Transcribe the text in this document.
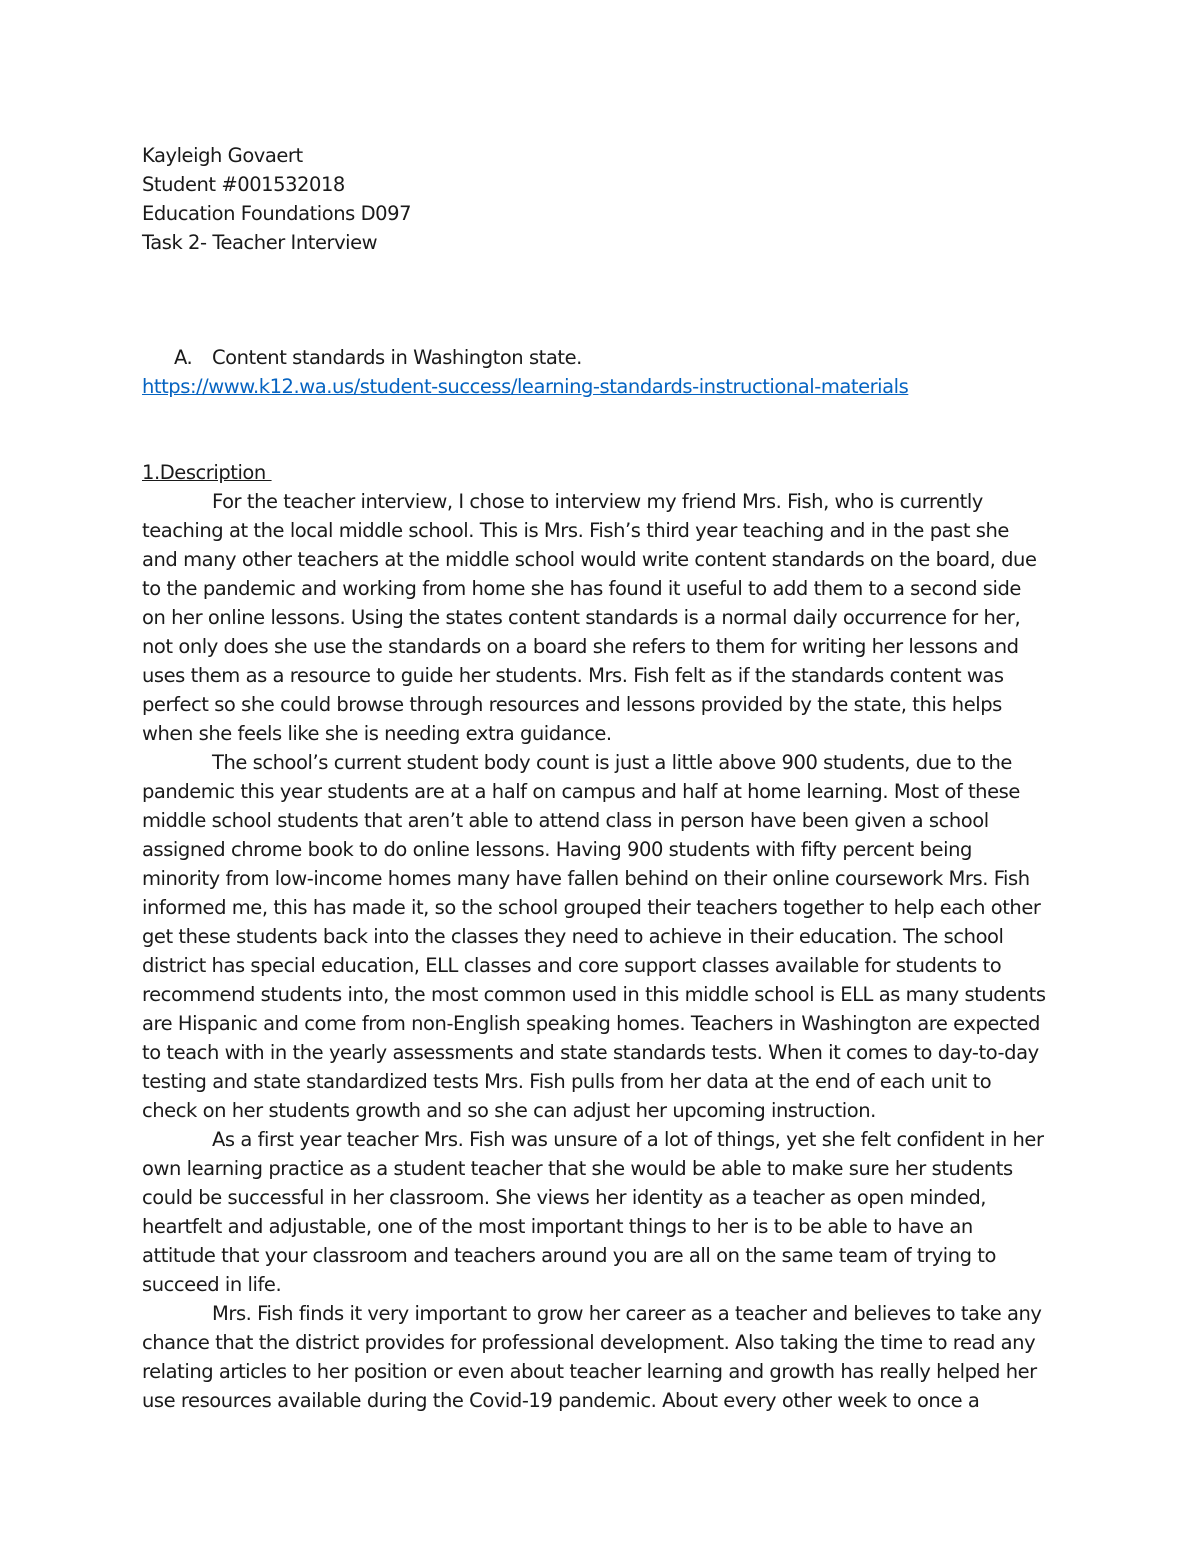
Kayleigh Govaert
Student #001532018
Education Foundations D097
Task 2- Teacher Interview
A. Content standards in Washington state.
https://www.k12.wa.us/student-success/learning-standards-instructional-materials
1.Description
For the teacher interview, I chose to interview my friend Mrs. Fish, who is currently
teaching at the local middle school. This is Mrs. Fish’s third year teaching and in the past she
and many other teachers at the middle school would write content standards on the board, due
to the pandemic and working from home she has found it useful to add them to a second side
on her online lessons. Using the states content standards is a normal daily occurrence for her,
not only does she use the standards on a board she refers to them for writing her lessons and
uses them as a resource to guide her students. Mrs. Fish felt as if the standards content was
perfect so she could browse through resources and lessons provided by the state, this helps
when she feels like she is needing extra guidance.
The school’s current student body count is just a little above 900 students, due to the
pandemic this year students are at a half on campus and half at home learning. Most of these
middle school students that aren’t able to attend class in person have been given a school
assigned chrome book to do online lessons. Having 900 students with fifty percent being
minority from low-income homes many have fallen behind on their online coursework Mrs. Fish
informed me, this has made it, so the school grouped their teachers together to help each other
get these students back into the classes they need to achieve in their education. The school
district has special education, ELL classes and core support classes available for students to
recommend students into, the most common used in this middle school is ELL as many students
are Hispanic and come from non-English speaking homes. Teachers in Washington are expected
to teach with in the yearly assessments and state standards tests. When it comes to day-to-day
testing and state standardized tests Mrs. Fish pulls from her data at the end of each unit to
check on her students growth and so she can adjust her upcoming instruction.
As a first year teacher Mrs. Fish was unsure of a lot of things, yet she felt confident in her
own learning practice as a student teacher that she would be able to make sure her students
could be successful in her classroom. She views her identity as a teacher as open minded,
heartfelt and adjustable, one of the most important things to her is to be able to have an
attitude that your classroom and teachers around you are all on the same team of trying to
succeed in life.
Mrs. Fish finds it very important to grow her career as a teacher and believes to take any
chance that the district provides for professional development. Also taking the time to read any
relating articles to her position or even about teacher learning and growth has really helped her
use resources available during the Covid-19 pandemic. About every other week to once a
